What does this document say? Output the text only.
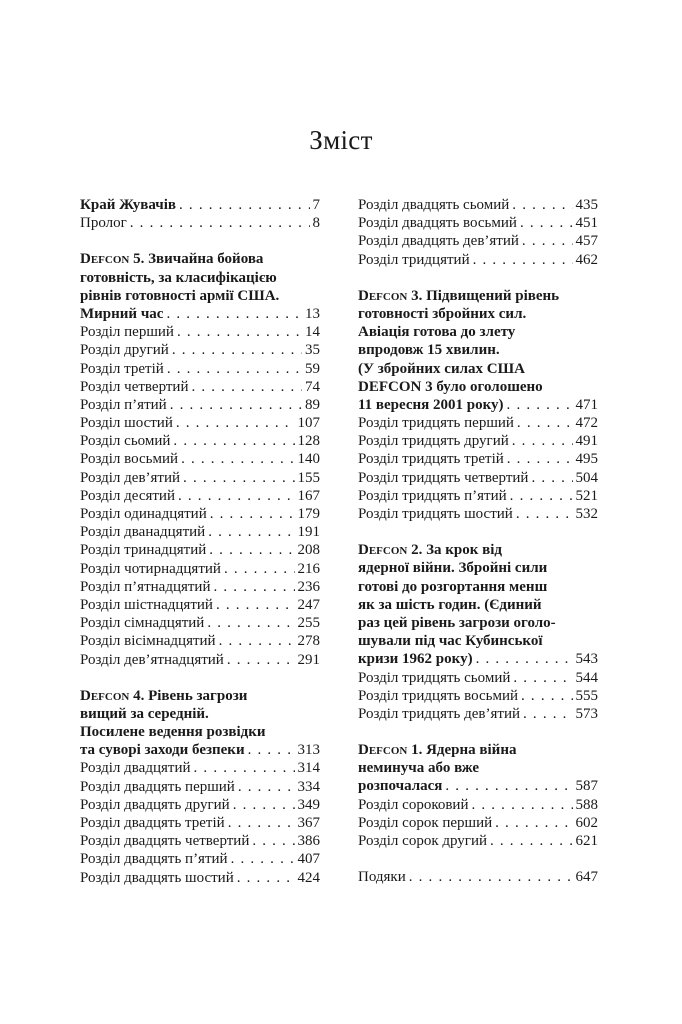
Зміст
Край Жувачів . . .	7
Пролог . . .	8
Defcon 5. Звичайна бойова
готовність, за класифікацією
рівнів готовності армії США.
Мирний час . . .	13
Розділ перший . . .	14
Розділ другий . . .	35
Розділ третій . . .	59
Розділ четвертий . . .	74
Розділ п’ятий . . .	89
Розділ шостий . . .	107
Розділ сьомий . . .	128
Розділ восьмий . . .	140
Розділ дев’ятий . . .	155
Розділ десятий . . .	167
Розділ одинадцятий . . .	179
Розділ дванадцятий . . .	191
Розділ тринадцятий . . .	208
Розділ чотирнадцятий . . .	216
Розділ п’ятнадцятий . . .	236
Розділ шістнадцятий . . .	247
Розділ сімнадцятий . . .	255
Розділ вісімнадцятий . . .	278
Розділ дев’ятнадцятий . . .	291
Defcon 4. Рівень загрози
вищий за середній.
Посилене ведення розвідки
та суворі заходи безпеки . . .	313
Розділ двадцятий . . .	314
Розділ двадцять перший . . .	334
Розділ двадцять другий . . .	349
Розділ двадцять третій . . .	367
Розділ двадцять четвертий . . .	386
Розділ двадцять п’ятий . . .	407
Розділ двадцять шостий . . .	424
Розділ двадцять сьомий . . .	435
Розділ двадцять восьмий . . .	451
Розділ двадцять дев’ятий . . .	457
Розділ тридцятий . . .	462
Defcon 3. Підвищений рівень
готовності збройних сил.
Авіація готова до злету
впродовж 15 хвилин.
(У збройних силах США
DEFCON 3 було оголошено
11 вересня 2001 року) . . .	471
Розділ тридцять перший . . .	472
Розділ тридцять другий . . .	491
Розділ тридцять третій . . .	495
Розділ тридцять четвертий . . .	504
Розділ тридцять п’ятий . . .	521
Розділ тридцять шостий . . .	532
Defcon 2. За крок від
ядерної війни. Збройні сили
готові до розгортання менш
як за шість годин. (Єдиний
раз цей рівень загрози оголо-
шували під час Кубинської
кризи 1962 року) . . .	543
Розділ тридцять сьомий . . .	544
Розділ тридцять восьмий . . .	555
Розділ тридцять дев’ятий . . .	573
Defcon 1. Ядерна війна
неминуча або вже
розпочалася . . .	587
Розділ сороковий . . .	588
Розділ сорок перший . . .	602
Розділ сорок другий . . .	621
Подяки . . .	647
